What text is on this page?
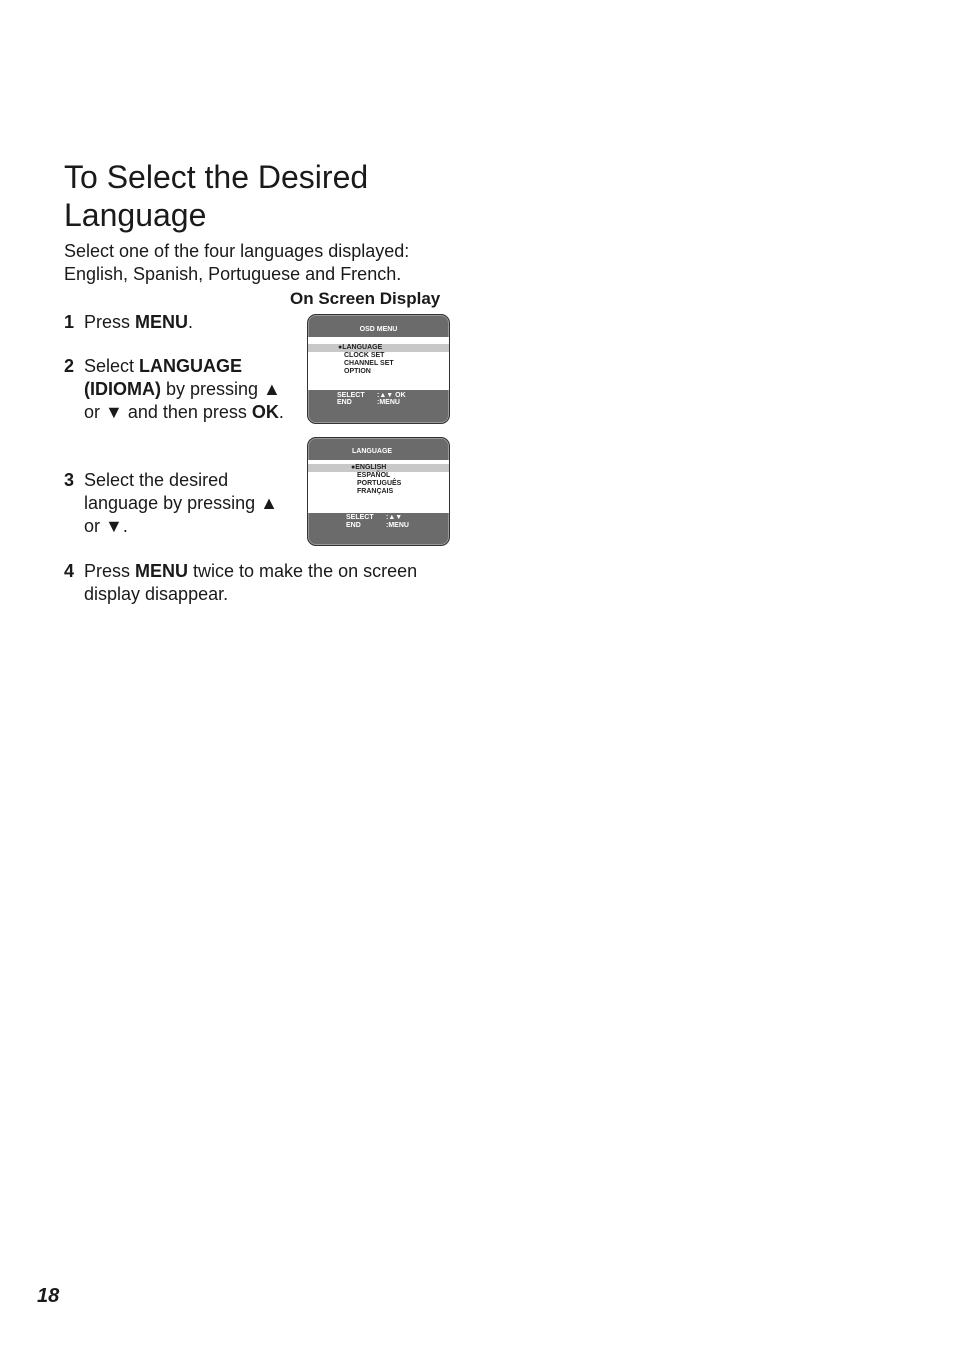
To Select the Desired Language

Select one of the four languages displayed: English, Spanish, Portuguese and French.

On Screen Display
1 Press MENU.
2 Select LANGUAGE (IDIOMA) by pressing ▲ or ▼ and then press OK.
3 Select the desired language by pressing ▲ or ▼.
4 Press MENU twice to make the on screen display disappear.
OSD MENU
●LANGUAGE
CLOCK SET
CHANNEL SET
OPTION
SELECT :▲▼ OK
END	:MENU
LANGUAGE
●ENGLISH
ESPAÑOL
PORTUGUÊS
FRANÇAIS
SELECT :▲▼
END	:MENU
18
